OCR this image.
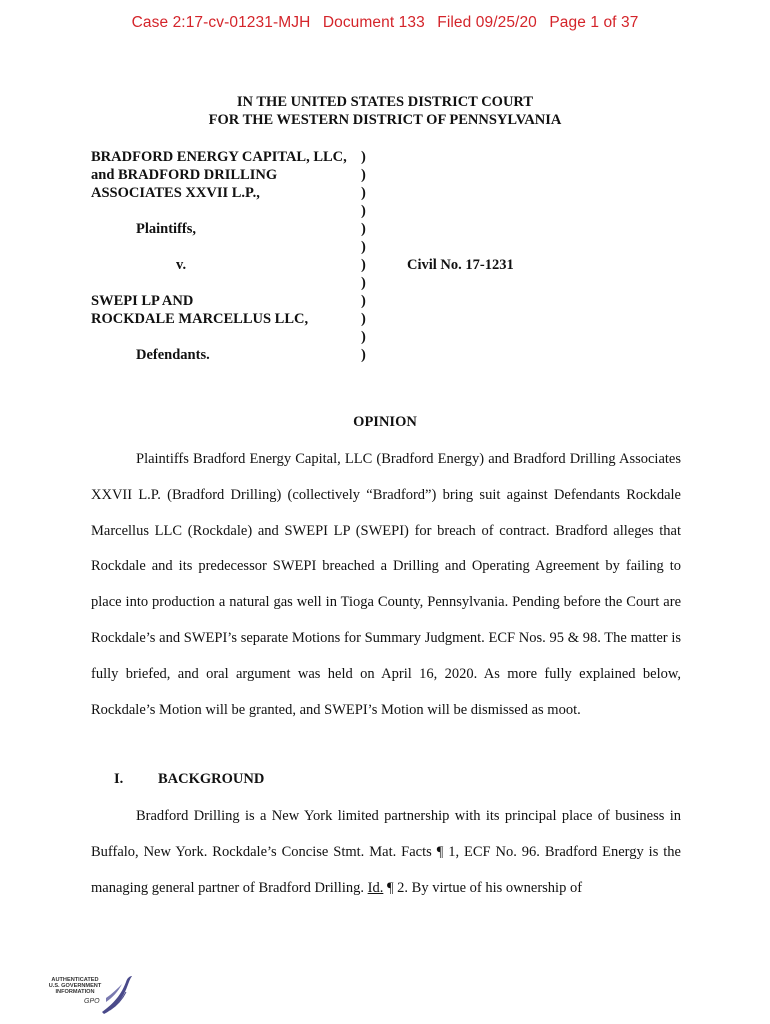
Case 2:17-cv-01231-MJH Document 133 Filed 09/25/20 Page 1 of 37
IN THE UNITED STATES DISTRICT COURT
FOR THE WESTERN DISTRICT OF PENNSYLVANIA
BRADFORD ENERGY CAPITAL, LLC, )
and BRADFORD DRILLING	)
ASSOCIATES XXVII L.P.,	)
)
Plaintiffs,	)
)
v.	)	Civil No. 17-1231
)
SWEPI LP AND	)
ROCKDALE MARCELLUS LLC,	)
)
Defendants.	)
OPINION

Plaintiffs Bradford Energy Capital, LLC (Bradford Energy) and Bradford Drilling Associates XXVII L.P. (Bradford Drilling) (collectively “Bradford”) bring suit against Defendants Rockdale Marcellus LLC (Rockdale) and SWEPI LP (SWEPI) for breach of contract. Bradford alleges that Rockdale and its predecessor SWEPI breached a Drilling and Operating Agreement by failing to place into production a natural gas well in Tioga County, Pennsylvania. Pending before the Court are Rockdale’s and SWEPI’s separate Motions for Summary Judgment. ECF Nos. 95 & 98. The matter is fully briefed, and oral argument was held on April 16, 2020. As more fully explained below, Rockdale’s Motion will be granted, and SWEPI’s Motion will be dismissed as moot.

I. BACKGROUND

Bradford Drilling is a New York limited partnership with its principal place of business in Buffalo, New York. Rockdale’s Concise Stmt. Mat. Facts ¶ 1, ECF No. 96. Bradford Energy is the managing general partner of Bradford Drilling. Id. ¶ 2. By virtue of his ownership of

AUTHENTICATED
U.S. GOVERNMENT
INFORMATION
GPO
